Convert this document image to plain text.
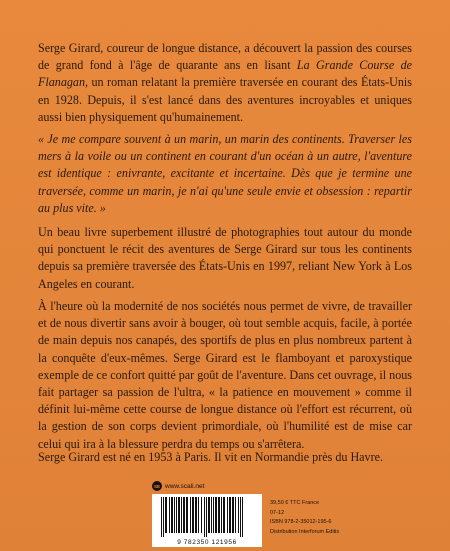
Serge Girard, coureur de longue distance, a découvert la passion des courses de grand fond à l'âge de quarante ans en lisant La Grande Course de Flanagan, un roman relatant la première traversée en courant des États-Unis en 1928. Depuis, il s'est lancé dans des aventures incroyables et uniques aussi bien physiquement qu'humainement.

« Je me compare souvent à un marin, un marin des continents. Traverser les mers à la voile ou un continent en courant d'un océan à un autre, l'aventure est identique : enivrante, excitante et incertaine. Dès que je termine une traversée, comme un marin, je n'ai qu'une seule envie et obsession : repartir au plus vite. »

Un beau livre superbement illustré de photographies tout autour du monde qui ponctuent le récit des aventures de Serge Girard sur tous les continents depuis sa première traversée des États-Unis en 1997, reliant New York à Los Angeles en courant.

À l'heure où la modernité de nos sociétés nous permet de vivre, de travailler et de nous divertir sans avoir à bouger, où tout semble acquis, facile, à portée de main depuis nos canapés, des sportifs de plus en plus nombreux partent à la conquête d'eux-mêmes. Serge Girard est le flamboyant et paroxystique exemple de ce confort quitté par goût de l'aventure. Dans cet ouvrage, il nous fait partager sa passion de l'ultra, « la patience en mouvement » comme il définit lui-même cette course de longue distance où l'effort est récurrent, où la gestion de son corps devient primordiale, où l'humilité est de mise car celui qui ira à la blessure perdra du temps ou s'arrêtera.

Serge Girard est né en 1953 à Paris. Il vit en Normandie près du Havre.

SE www.scali.net
9 782350 121956
39,50 € TTC France
07-12
ISBN 978-2-35012-195-6
Distribution Interforum Editis
